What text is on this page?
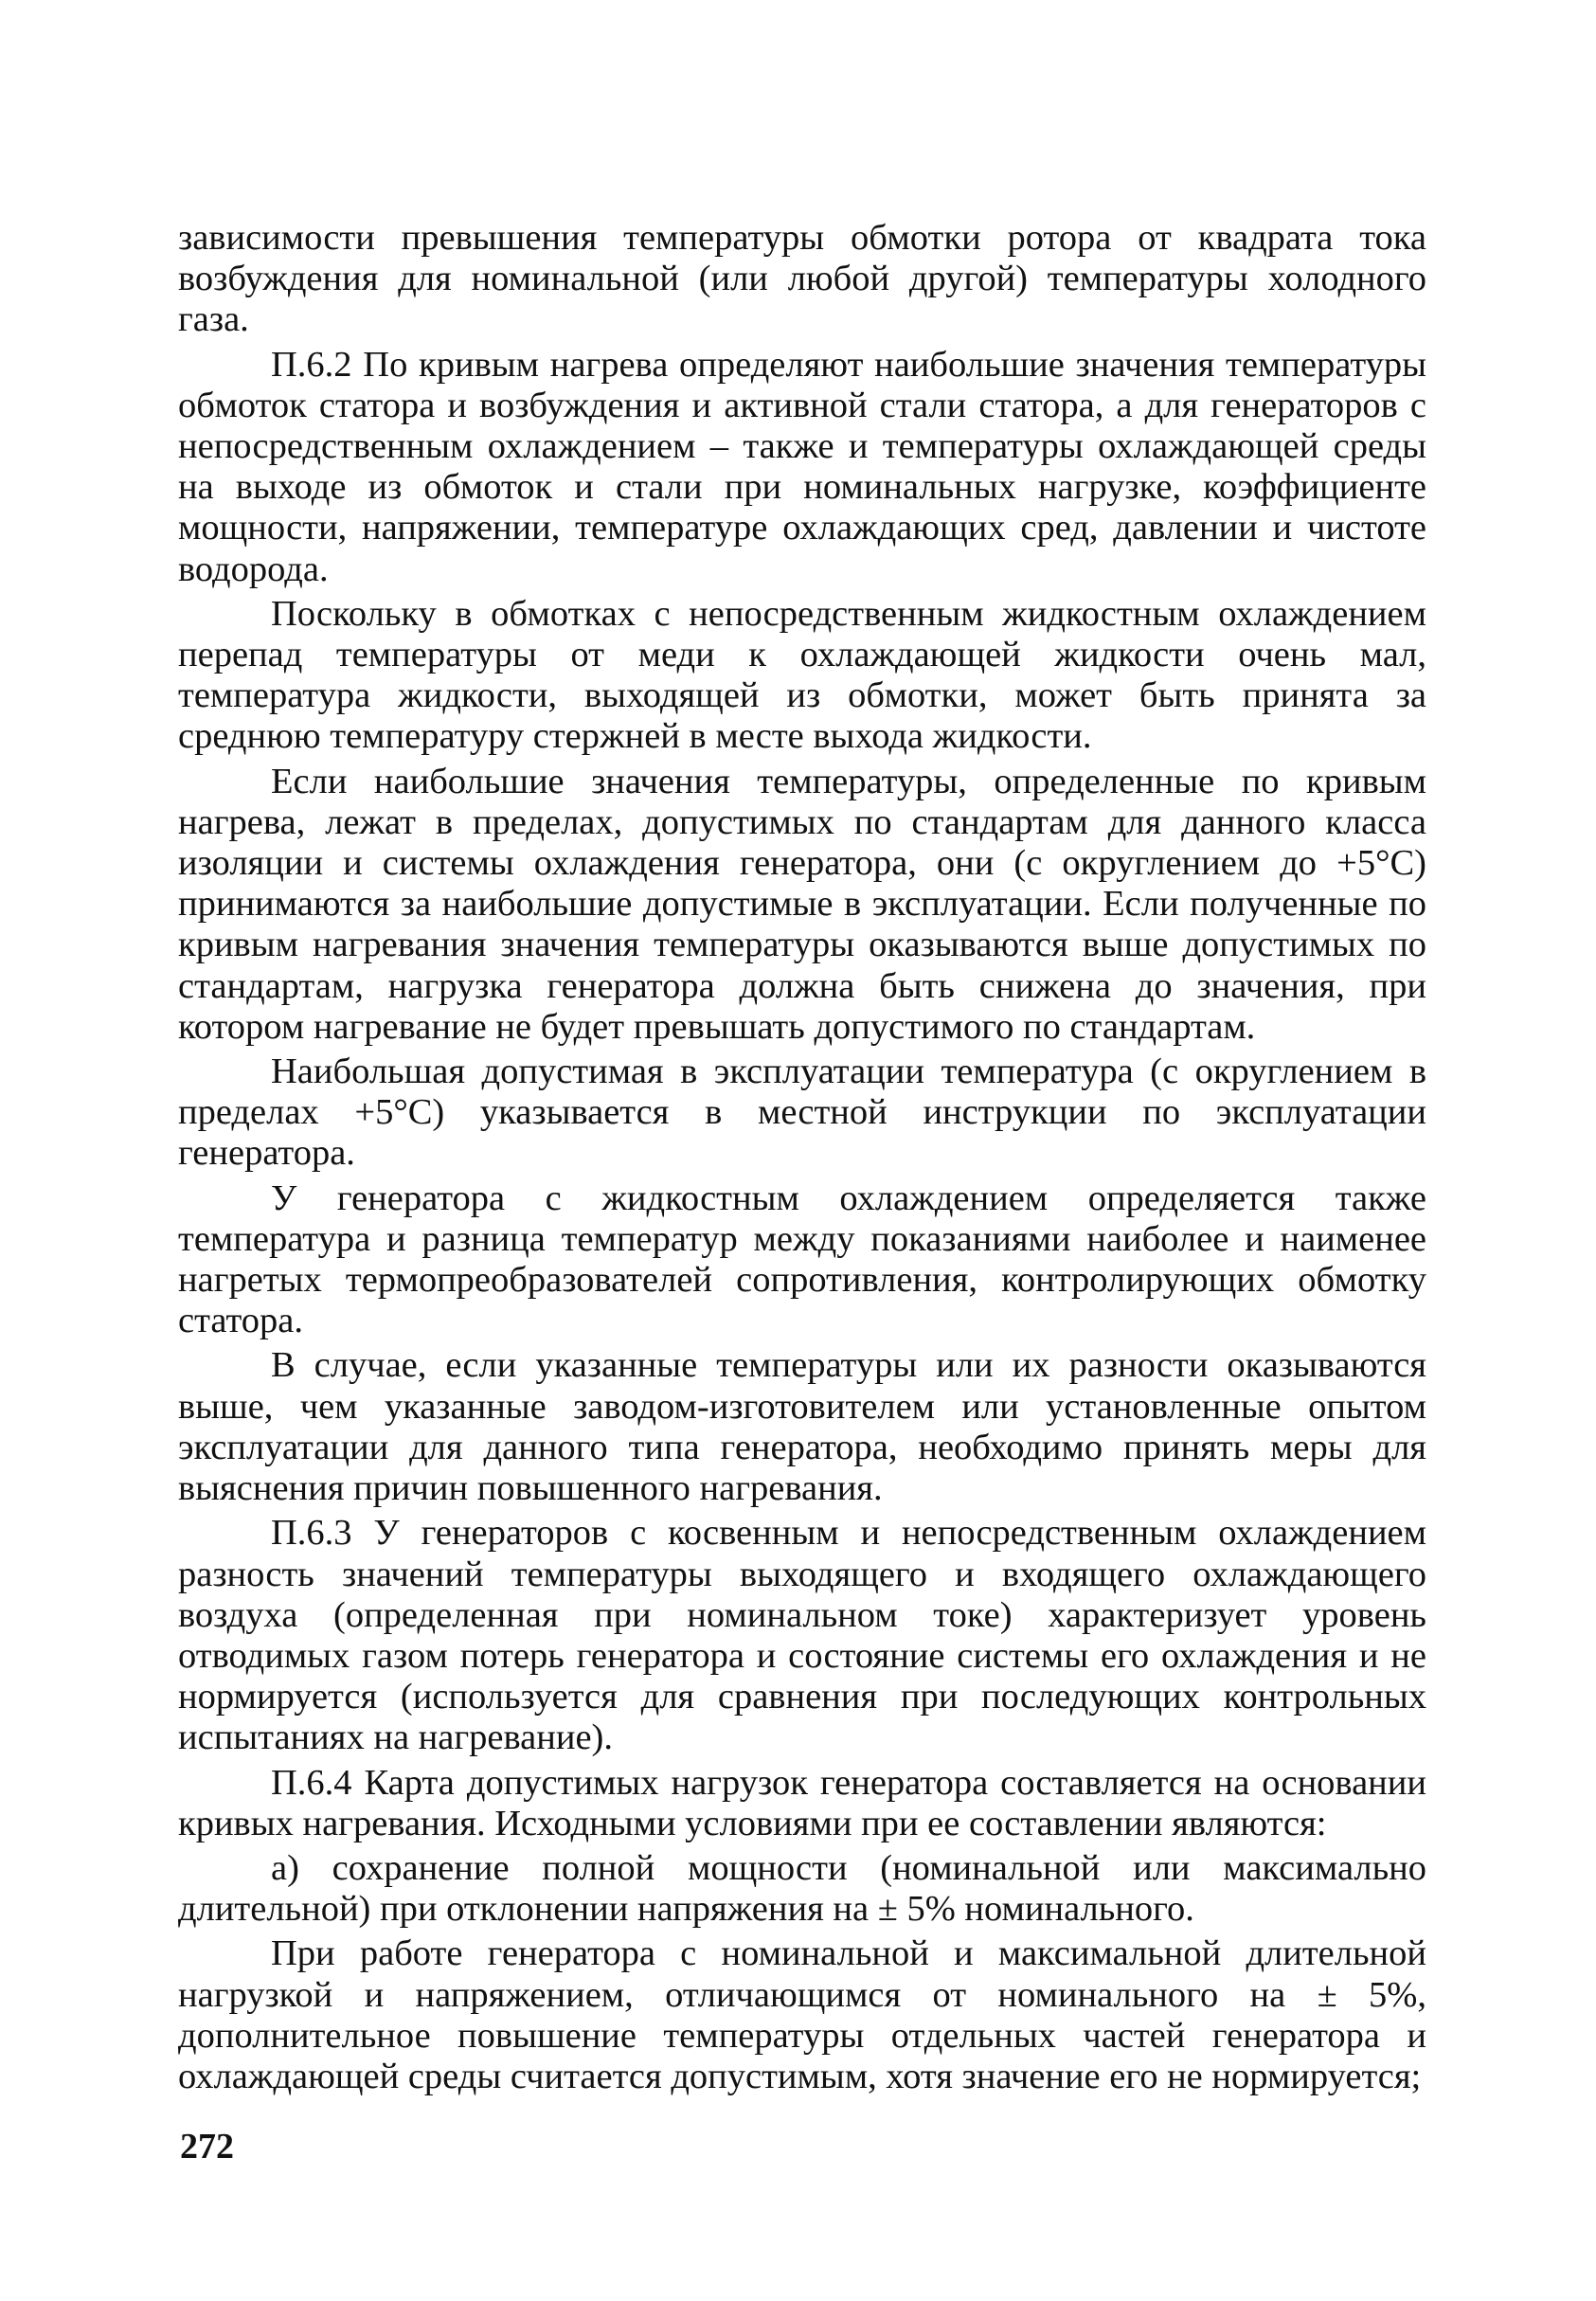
зависимости превышения температуры обмотки ротора от квадрата тока возбуждения для номинальной (или любой другой) температуры холодного газа.

П.6.2 По кривым нагрева определяют наибольшие значения температуры обмоток статора и возбуждения и активной стали статора, а для генераторов с непосредственным охлаждением – также и температуры охлаждающей среды на выходе из обмоток и стали при номинальных нагрузке, коэффициенте мощности, напряжении, температуре охлаждающих сред, давлении и чистоте водорода.

Поскольку в обмотках с непосредственным жидкостным охлаждением перепад температуры от меди к охлаждающей жидкости очень мал, температура жидкости, выходящей из обмотки, может быть принята за среднюю температуру стержней в месте выхода жидкости.

Если наибольшие значения температуры, определенные по кривым нагрева, лежат в пределах, допустимых по стандартам для данного класса изоляции и системы охлаждения генератора, они (с округлением до +5°С) принимаются за наибольшие допустимые в эксплуатации. Если полученные по кривым нагревания значения температуры оказываются выше допустимых по стандартам, нагрузка генератора должна быть снижена до значения, при котором нагревание не будет превышать допустимого по стандартам.

Наибольшая допустимая в эксплуатации температура (с округлением в пределах +5°С) указывается в местной инструкции по эксплуатации генератора.

У генератора с жидкостным охлаждением определяется также температура и разница температур между показаниями наиболее и наименее нагретых термопреобразователей сопротивления, контролирующих обмотку статора.

В случае, если указанные температуры или их разности оказываются выше, чем указанные заводом-изготовителем или установленные опытом эксплуатации для данного типа генератора, необходимо принять меры для выяснения причин повышенного нагревания.

П.6.3 У генераторов с косвенным и непосредственным охлаждением разность значений температуры выходящего и входящего охлаждающего воздуха (определенная при номинальном токе) характеризует уровень отводимых газом потерь генератора и состояние системы его охлаждения и не нормируется (используется для сравнения при последующих контрольных испытаниях на нагревание).

П.6.4 Карта допустимых нагрузок генератора составляется на основании кривых нагревания. Исходными условиями при ее составлении являются:

а) сохранение полной мощности (номинальной или максимально длительной) при отклонении напряжения на ± 5% номинального.

При работе генератора с номинальной и максимальной длительной нагрузкой и напряжением, отличающимся от номинального на ± 5%, дополнительное повышение температуры отдельных частей генератора и охлаждающей среды считается допустимым, хотя значение его не нормируется;

272
